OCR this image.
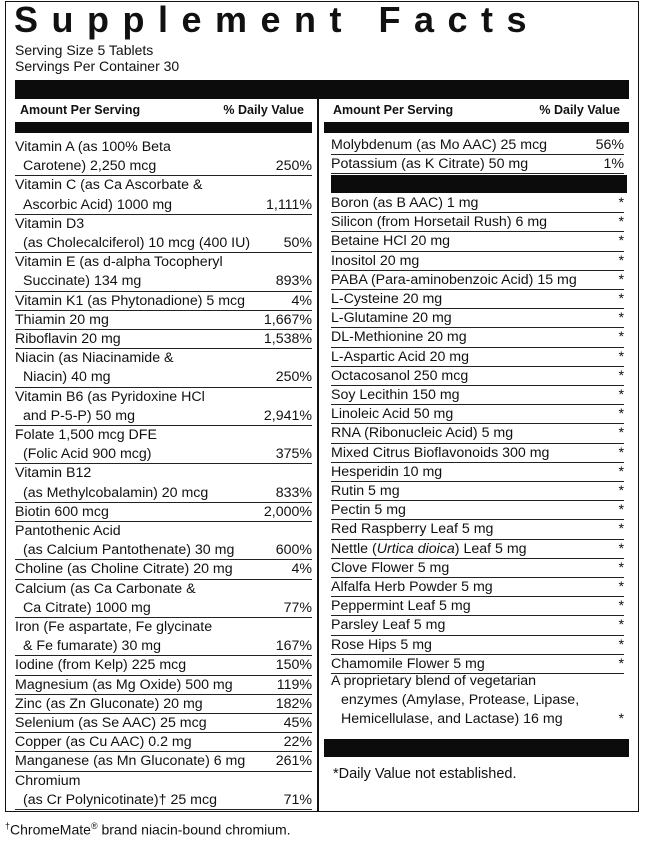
Supplement Facts
Serving Size 5 Tablets
Servings Per Container 30
Amount Per Serving	% Daily Value Amount Per Serving	% Daily Value
Vitamin A (as 100% Beta
Carotene) 2,250 mcg	250%
Vitamin C (as Ca Ascorbate &
Ascorbic Acid) 1000 mg	1,111%
Vitamin D3
(as Cholecalciferol) 10 mcg (400 IU) 50%
Vitamin E (as d-alpha Tocopheryl
Succinate) 134 mg	893%
Vitamin K1 (as Phytonadione) 5 mcg	4%
Thiamin 20 mg	1,667%
Riboflavin 20 mg	1,538%
Niacin (as Niacinamide &
Niacin) 40 mg	250%
Vitamin B6 (as Pyridoxine HCl
and P-5-P) 50 mg	2,941%
Folate 1,500 mcg DFE
(Folic Acid 900 mcg)	375%
Vitamin B12
(as Methylcobalamin) 20 mcg	833%
Biotin 600 mcg	2,000%
Pantothenic Acid
(as Calcium Pantothenate) 30 mg	600%
Choline (as Choline Citrate) 20 mg	4%
Calcium (as Ca Carbonate &
Ca Citrate) 1000 mg	77%
Iron (Fe aspartate, Fe glycinate
& Fe fumarate) 30 mg	167%
Iodine (from Kelp) 225 mcg	150%
Magnesium (as Mg Oxide) 500 mg	119%
Zinc (as Zn Gluconate) 20 mg	182%
Selenium (as Se AAC) 25 mcg	45%
Copper (as Cu AAC) 0.2 mg	22%
Manganese (as Mn Gluconate) 6 mg 261%
Chromium
(as Cr Polynicotinate)† 25 mcg	71%
Molybdenum (as Mo AAC) 25 mcg	56%
Potassium (as K Citrate) 50 mg	1%
Boron (as B AAC) 1 mg	*
Silicon (from Horsetail Rush) 6 mg	*
Betaine HCl 20 mg	*
Inositol 20 mg	*
PABA (Para-aminobenzoic Acid) 15 mg	*
L-Cysteine 20 mg	*
L-Glutamine 20 mg	*
DL-Methionine 20 mg	*
L-Aspartic Acid 20 mg	*
Octacosanol 250 mcg	*
Soy Lecithin 150 mg	*
Linoleic Acid 50 mg	*
RNA (Ribonucleic Acid) 5 mg	*
Mixed Citrus Bioflavonoids 300 mg	*
Hesperidin 10 mg	*
Rutin 5 mg	*
Pectin 5 mg	*
Red Raspberry Leaf 5 mg	*
Nettle (Urtica dioica) Leaf 5 mg	*
Clove Flower 5 mg	*
Alfalfa Herb Powder 5 mg	*
Peppermint Leaf 5 mg	*
Parsley Leaf 5 mg	*
Rose Hips 5 mg	*
Chamomile Flower 5 mg	*
A proprietary blend of vegetarian
enzymes (Amylase, Protease, Lipase,
Hemicellulase, and Lactase) 16 mg	*
*Daily Value not established.
†ChromeMate® brand niacin-bound chromium.
